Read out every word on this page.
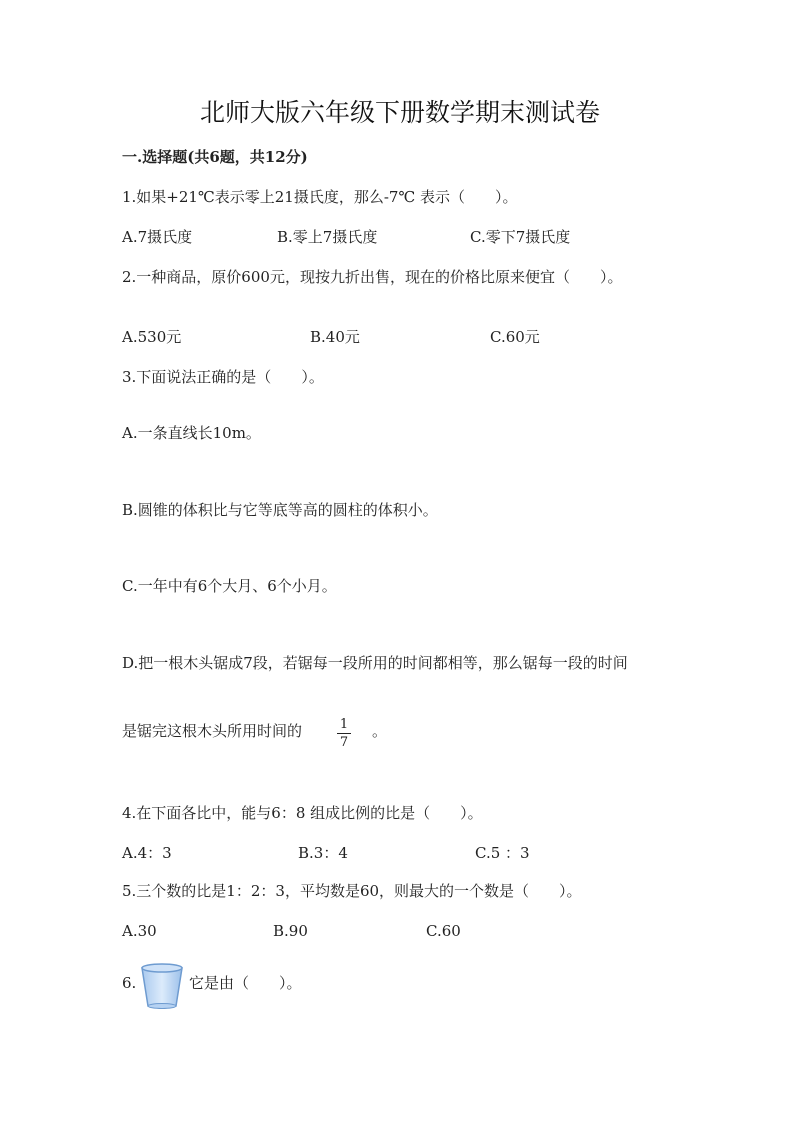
北师大版六年级下册数学期末测试卷
一.选择题(共6题，共12分)
1.如果+21℃表示零上21摄氏度，那么-7℃ 表示（　　）。
A.7摄氏度	B.零上7摄氏度	C.零下7摄氏度
2.一种商品，原价600元，现按九折出售，现在的价格比原来便宜（　　）。
A.530元	B.40元	C.60元
3.下面说法正确的是（　　）。
A.一条直线长10m。
B.圆锥的体积比与它等底等高的圆柱的体积小。
C.一年中有6个大月、6个小月。
D.把一根木头锯成7段，若锯每一段所用的时间都相等，那么锯每一段的时间
是锯完这根木头所用时间的	1
7
。
4.在下面各比中，能与6：8 组成比例的比是（　　）。
A.4：3	B.3：4	C.5 ：3
5.三个数的比是1：2：3，平均数是60，则最大的一个数是（　　）。
A.30	B.90	C.60
6.	它是由（　　）。
